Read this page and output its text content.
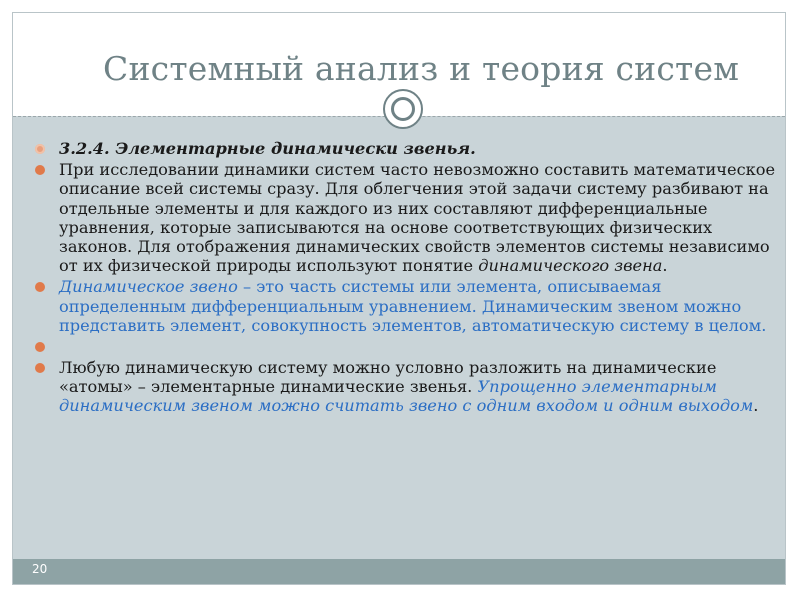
Системный анализ и теория систем
3.2.4. Элементарные динамически звенья.
При исследовании динамики систем часто невозможно составить математическое описание всей системы сразу. Для облегчения этой задачи систему разбивают на отдельные элементы и для каждого из них составляют дифференциальные уравнения, которые записываются на основе соответствующих физических законов. Для отображения динамических свойств элементов системы независимо от их физической природы используют понятие динамического звена.
Динамическое звено – это часть системы или элемента, описываемая определенным дифференциальным уравнением. Динамическим звеном можно представить элемент, совокупность элементов, автоматическую систему в целом.
Любую динамическую систему можно условно разложить на динамические «атомы» – элементарные динамические звенья. Упрощенно элементарным динамическим звеном можно считать звено с одним входом и одним выходом.
20
